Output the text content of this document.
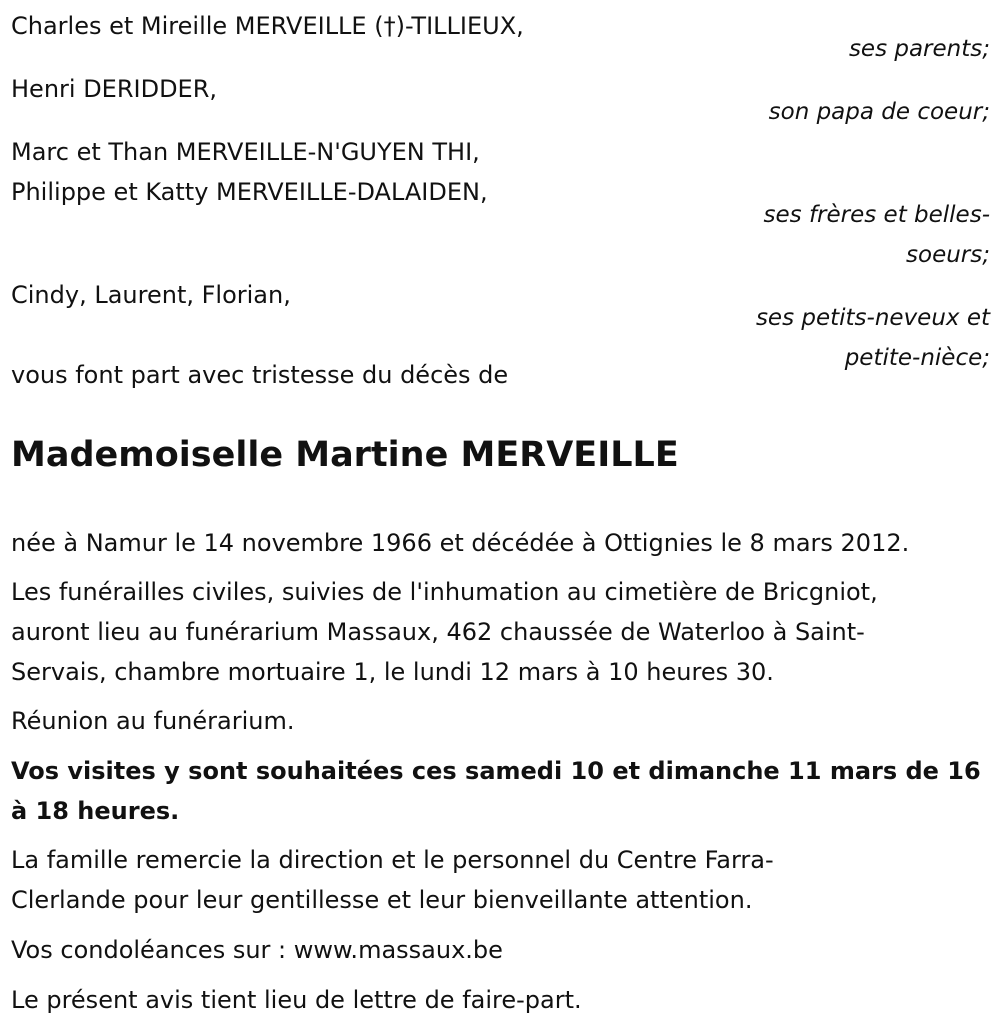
Charles et Mireille MERVEILLE (†)-TILLIEUX,

ses parents;

Henri DERIDDER,

son papa de coeur;

Marc et Than MERVEILLE-N'GUYEN THI,

Philippe et Katty MERVEILLE-DALAIDEN,

ses frères et belles-

soeurs;

Cindy, Laurent, Florian,

ses petits-neveux et

petite-nièce;

vous font part avec tristesse du décès de

Mademoiselle Martine MERVEILLE

née à Namur le 14 novembre 1966 et décédée à Ottignies le 8 mars 2012.

Les funérailles civiles, suivies de l'inhumation au cimetière de Bricgniot,

auront lieu au funérarium Massaux, 462 chaussée de Waterloo à Saint-

Servais, chambre mortuaire 1, le lundi 12 mars à 10 heures 30.

Réunion au funérarium.

Vos visites y sont souhaitées ces samedi 10 et dimanche 11 mars de 16

à 18 heures.

La famille remercie la direction et le personnel du Centre Farra-

Clerlande pour leur gentillesse et leur bienveillante attention.

Vos condoléances sur : www.massaux.be

Le présent avis tient lieu de lettre de faire-part.
